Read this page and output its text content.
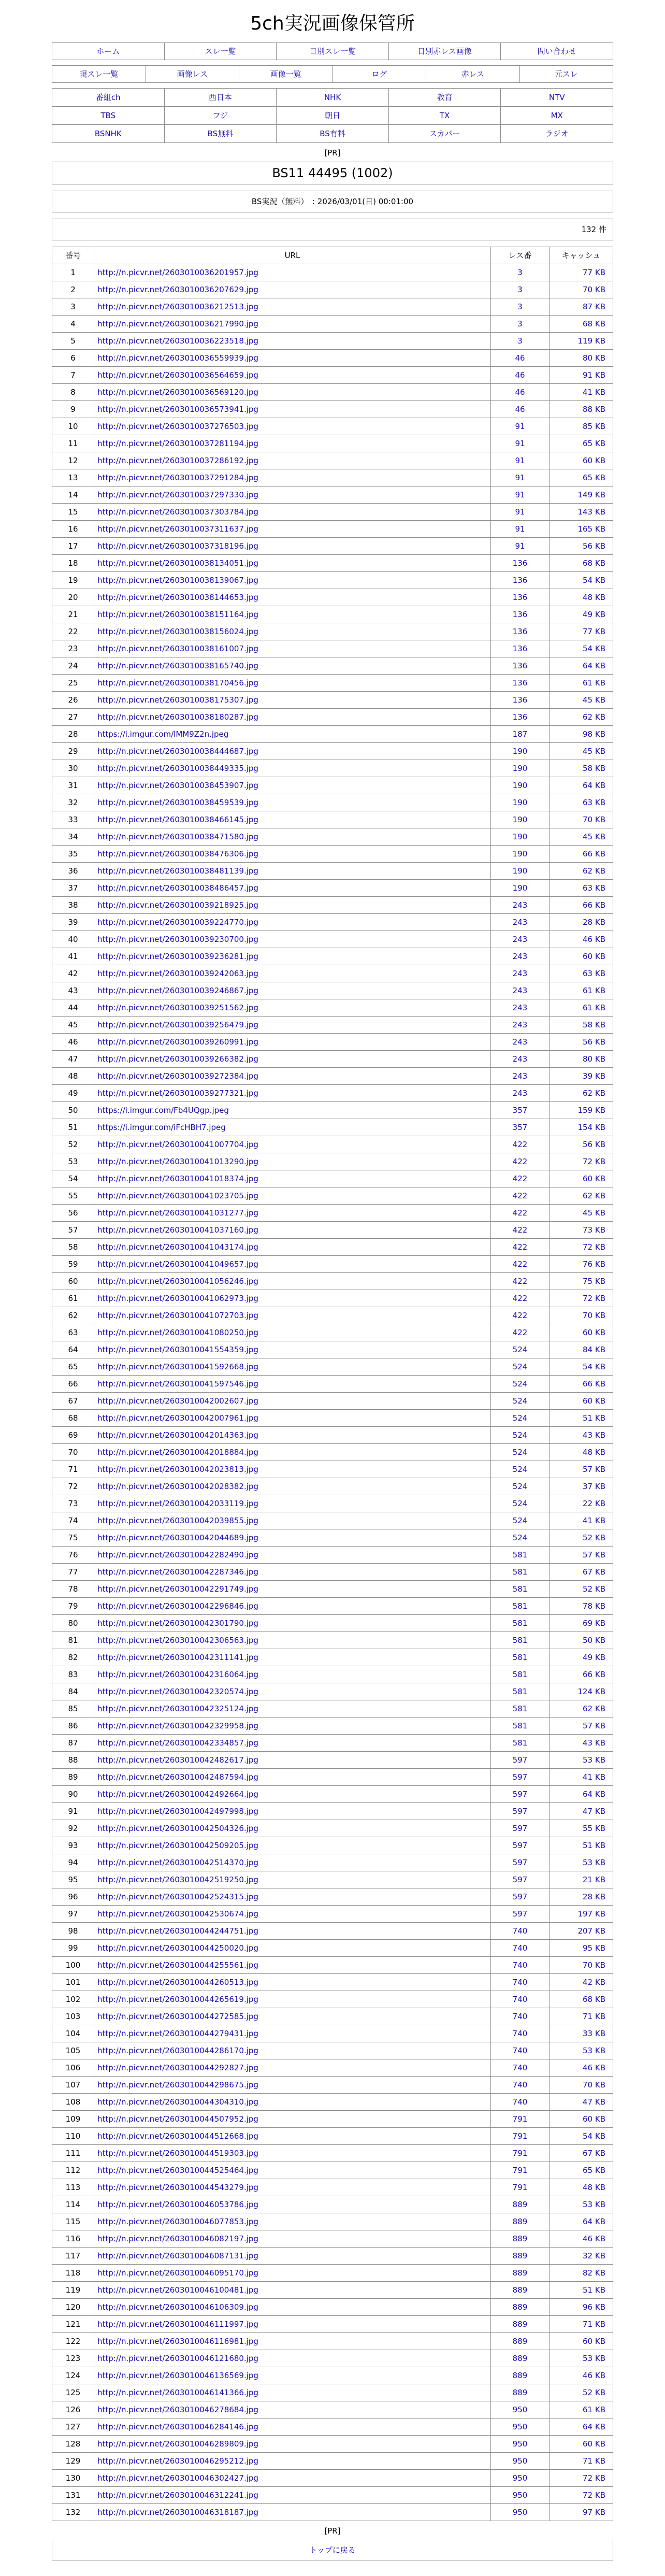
5ch実況画像保管所
ホーム	スレ一覧	日別スレ一覧	日別赤レス画像	問い合わせ
現スレ一覧	画像レス	画像一覧	ログ	赤レス	元スレ
番組ch	西日本	NHK	教育	NTV

TBS	フジ	朝日	TX	MX

BSNHK	BS無料	BS有料	スカパー	ラジオ
[PR]
BS11 44495 (1002)
BS実況（無料）　: 2026/03/01(日) 00:01:00
132 件
番号	URL	レス番	キャッシュ
1	http://n.picvr.net/2603010036201957.jpg	3	77 KB
2	http://n.picvr.net/2603010036207629.jpg	3	70 KB
3	http://n.picvr.net/2603010036212513.jpg	3	87 KB
4	http://n.picvr.net/2603010036217990.jpg	3	68 KB
5	http://n.picvr.net/2603010036223518.jpg	3	119 KB
6	http://n.picvr.net/2603010036559939.jpg	46	80 KB
7	http://n.picvr.net/2603010036564659.jpg	46	91 KB
8	http://n.picvr.net/2603010036569120.jpg	46	41 KB
9	http://n.picvr.net/2603010036573941.jpg	46	88 KB
10	http://n.picvr.net/2603010037276503.jpg	91	85 KB
11	http://n.picvr.net/2603010037281194.jpg	91	65 KB
12	http://n.picvr.net/2603010037286192.jpg	91	60 KB
13	http://n.picvr.net/2603010037291284.jpg	91	65 KB
14	http://n.picvr.net/2603010037297330.jpg	91	149 KB
15	http://n.picvr.net/2603010037303784.jpg	91	143 KB
16	http://n.picvr.net/2603010037311637.jpg	91	165 KB
17	http://n.picvr.net/2603010037318196.jpg	91	56 KB
18	http://n.picvr.net/2603010038134051.jpg	136	68 KB
19	http://n.picvr.net/2603010038139067.jpg	136	54 KB
20	http://n.picvr.net/2603010038144653.jpg	136	48 KB
21	http://n.picvr.net/2603010038151164.jpg	136	49 KB
22	http://n.picvr.net/2603010038156024.jpg	136	77 KB
23	http://n.picvr.net/2603010038161007.jpg	136	54 KB
24	http://n.picvr.net/2603010038165740.jpg	136	64 KB
25	http://n.picvr.net/2603010038170456.jpg	136	61 KB
26	http://n.picvr.net/2603010038175307.jpg	136	45 KB
27	http://n.picvr.net/2603010038180287.jpg	136	62 KB
28	https://i.imgur.com/lMM9Z2n.jpeg	187	98 KB
29	http://n.picvr.net/2603010038444687.jpg	190	45 KB
30	http://n.picvr.net/2603010038449335.jpg	190	58 KB
31	http://n.picvr.net/2603010038453907.jpg	190	64 KB
32	http://n.picvr.net/2603010038459539.jpg	190	63 KB
33	http://n.picvr.net/2603010038466145.jpg	190	70 KB
34	http://n.picvr.net/2603010038471580.jpg	190	45 KB
35	http://n.picvr.net/2603010038476306.jpg	190	66 KB
36	http://n.picvr.net/2603010038481139.jpg	190	62 KB
37	http://n.picvr.net/2603010038486457.jpg	190	63 KB
38	http://n.picvr.net/2603010039218925.jpg	243	66 KB
39	http://n.picvr.net/2603010039224770.jpg	243	28 KB
40	http://n.picvr.net/2603010039230700.jpg	243	46 KB
41	http://n.picvr.net/2603010039236281.jpg	243	60 KB
42	http://n.picvr.net/2603010039242063.jpg	243	63 KB
43	http://n.picvr.net/2603010039246867.jpg	243	61 KB
44	http://n.picvr.net/2603010039251562.jpg	243	61 KB
45	http://n.picvr.net/2603010039256479.jpg	243	58 KB
46	http://n.picvr.net/2603010039260991.jpg	243	56 KB
47	http://n.picvr.net/2603010039266382.jpg	243	80 KB
48	http://n.picvr.net/2603010039272384.jpg	243	39 KB
49	http://n.picvr.net/2603010039277321.jpg	243	62 KB
50	https://i.imgur.com/Fb4UQgp.jpeg	357	159 KB
51	https://i.imgur.com/iFcHBH7.jpeg	357	154 KB
52	http://n.picvr.net/2603010041007704.jpg	422	56 KB
53	http://n.picvr.net/2603010041013290.jpg	422	72 KB
54	http://n.picvr.net/2603010041018374.jpg	422	60 KB
55	http://n.picvr.net/2603010041023705.jpg	422	62 KB
56	http://n.picvr.net/2603010041031277.jpg	422	45 KB
57	http://n.picvr.net/2603010041037160.jpg	422	73 KB
58	http://n.picvr.net/2603010041043174.jpg	422	72 KB
59	http://n.picvr.net/2603010041049657.jpg	422	76 KB
60	http://n.picvr.net/2603010041056246.jpg	422	75 KB
61	http://n.picvr.net/2603010041062973.jpg	422	72 KB
62	http://n.picvr.net/2603010041072703.jpg	422	70 KB
63	http://n.picvr.net/2603010041080250.jpg	422	60 KB
64	http://n.picvr.net/2603010041554359.jpg	524	84 KB
65	http://n.picvr.net/2603010041592668.jpg	524	54 KB
66	http://n.picvr.net/2603010041597546.jpg	524	66 KB
67	http://n.picvr.net/2603010042002607.jpg	524	60 KB
68	http://n.picvr.net/2603010042007961.jpg	524	51 KB
69	http://n.picvr.net/2603010042014363.jpg	524	43 KB
70	http://n.picvr.net/2603010042018884.jpg	524	48 KB
71	http://n.picvr.net/2603010042023813.jpg	524	57 KB
72	http://n.picvr.net/2603010042028382.jpg	524	37 KB
73	http://n.picvr.net/2603010042033119.jpg	524	22 KB
74	http://n.picvr.net/2603010042039855.jpg	524	41 KB
75	http://n.picvr.net/2603010042044689.jpg	524	52 KB
76	http://n.picvr.net/2603010042282490.jpg	581	57 KB
77	http://n.picvr.net/2603010042287346.jpg	581	67 KB
78	http://n.picvr.net/2603010042291749.jpg	581	52 KB
79	http://n.picvr.net/2603010042296846.jpg	581	78 KB
80	http://n.picvr.net/2603010042301790.jpg	581	69 KB
81	http://n.picvr.net/2603010042306563.jpg	581	50 KB
82	http://n.picvr.net/2603010042311141.jpg	581	49 KB
83	http://n.picvr.net/2603010042316064.jpg	581	66 KB
84	http://n.picvr.net/2603010042320574.jpg	581	124 KB
85	http://n.picvr.net/2603010042325124.jpg	581	62 KB
86	http://n.picvr.net/2603010042329958.jpg	581	57 KB
87	http://n.picvr.net/2603010042334857.jpg	581	43 KB
88	http://n.picvr.net/2603010042482617.jpg	597	53 KB
89	http://n.picvr.net/2603010042487594.jpg	597	41 KB
90	http://n.picvr.net/2603010042492664.jpg	597	64 KB
91	http://n.picvr.net/2603010042497998.jpg	597	47 KB
92	http://n.picvr.net/2603010042504326.jpg	597	55 KB
93	http://n.picvr.net/2603010042509205.jpg	597	51 KB
94	http://n.picvr.net/2603010042514370.jpg	597	53 KB
95	http://n.picvr.net/2603010042519250.jpg	597	21 KB
96	http://n.picvr.net/2603010042524315.jpg	597	28 KB
97	http://n.picvr.net/2603010042530674.jpg	597	197 KB
98	http://n.picvr.net/2603010044244751.jpg	740	207 KB
99	http://n.picvr.net/2603010044250020.jpg	740	95 KB
100	http://n.picvr.net/2603010044255561.jpg	740	70 KB
101	http://n.picvr.net/2603010044260513.jpg	740	42 KB
102	http://n.picvr.net/2603010044265619.jpg	740	68 KB
103	http://n.picvr.net/2603010044272585.jpg	740	71 KB
104	http://n.picvr.net/2603010044279431.jpg	740	33 KB
105	http://n.picvr.net/2603010044286170.jpg	740	53 KB
106	http://n.picvr.net/2603010044292827.jpg	740	46 KB
107	http://n.picvr.net/2603010044298675.jpg	740	70 KB
108	http://n.picvr.net/2603010044304310.jpg	740	47 KB
109	http://n.picvr.net/2603010044507952.jpg	791	60 KB
110	http://n.picvr.net/2603010044512668.jpg	791	54 KB
111	http://n.picvr.net/2603010044519303.jpg	791	67 KB
112	http://n.picvr.net/2603010044525464.jpg	791	65 KB
113	http://n.picvr.net/2603010044543279.jpg	791	48 KB
114	http://n.picvr.net/2603010046053786.jpg	889	53 KB
115	http://n.picvr.net/2603010046077853.jpg	889	64 KB
116	http://n.picvr.net/2603010046082197.jpg	889	46 KB
117	http://n.picvr.net/2603010046087131.jpg	889	32 KB
118	http://n.picvr.net/2603010046095170.jpg	889	82 KB
119	http://n.picvr.net/2603010046100481.jpg	889	51 KB
120	http://n.picvr.net/2603010046106309.jpg	889	96 KB
121	http://n.picvr.net/2603010046111997.jpg	889	71 KB
122	http://n.picvr.net/2603010046116981.jpg	889	60 KB
123	http://n.picvr.net/2603010046121680.jpg	889	53 KB
124	http://n.picvr.net/2603010046136569.jpg	889	46 KB
125	http://n.picvr.net/2603010046141366.jpg	889	52 KB
126	http://n.picvr.net/2603010046278684.jpg	950	61 KB
127	http://n.picvr.net/2603010046284146.jpg	950	64 KB
128	http://n.picvr.net/2603010046289809.jpg	950	60 KB
129	http://n.picvr.net/2603010046295212.jpg	950	71 KB
130	http://n.picvr.net/2603010046302427.jpg	950	72 KB
131	http://n.picvr.net/2603010046312241.jpg	950	72 KB
132	http://n.picvr.net/2603010046318187.jpg	950	97 KB
[PR]
トップに戻る
